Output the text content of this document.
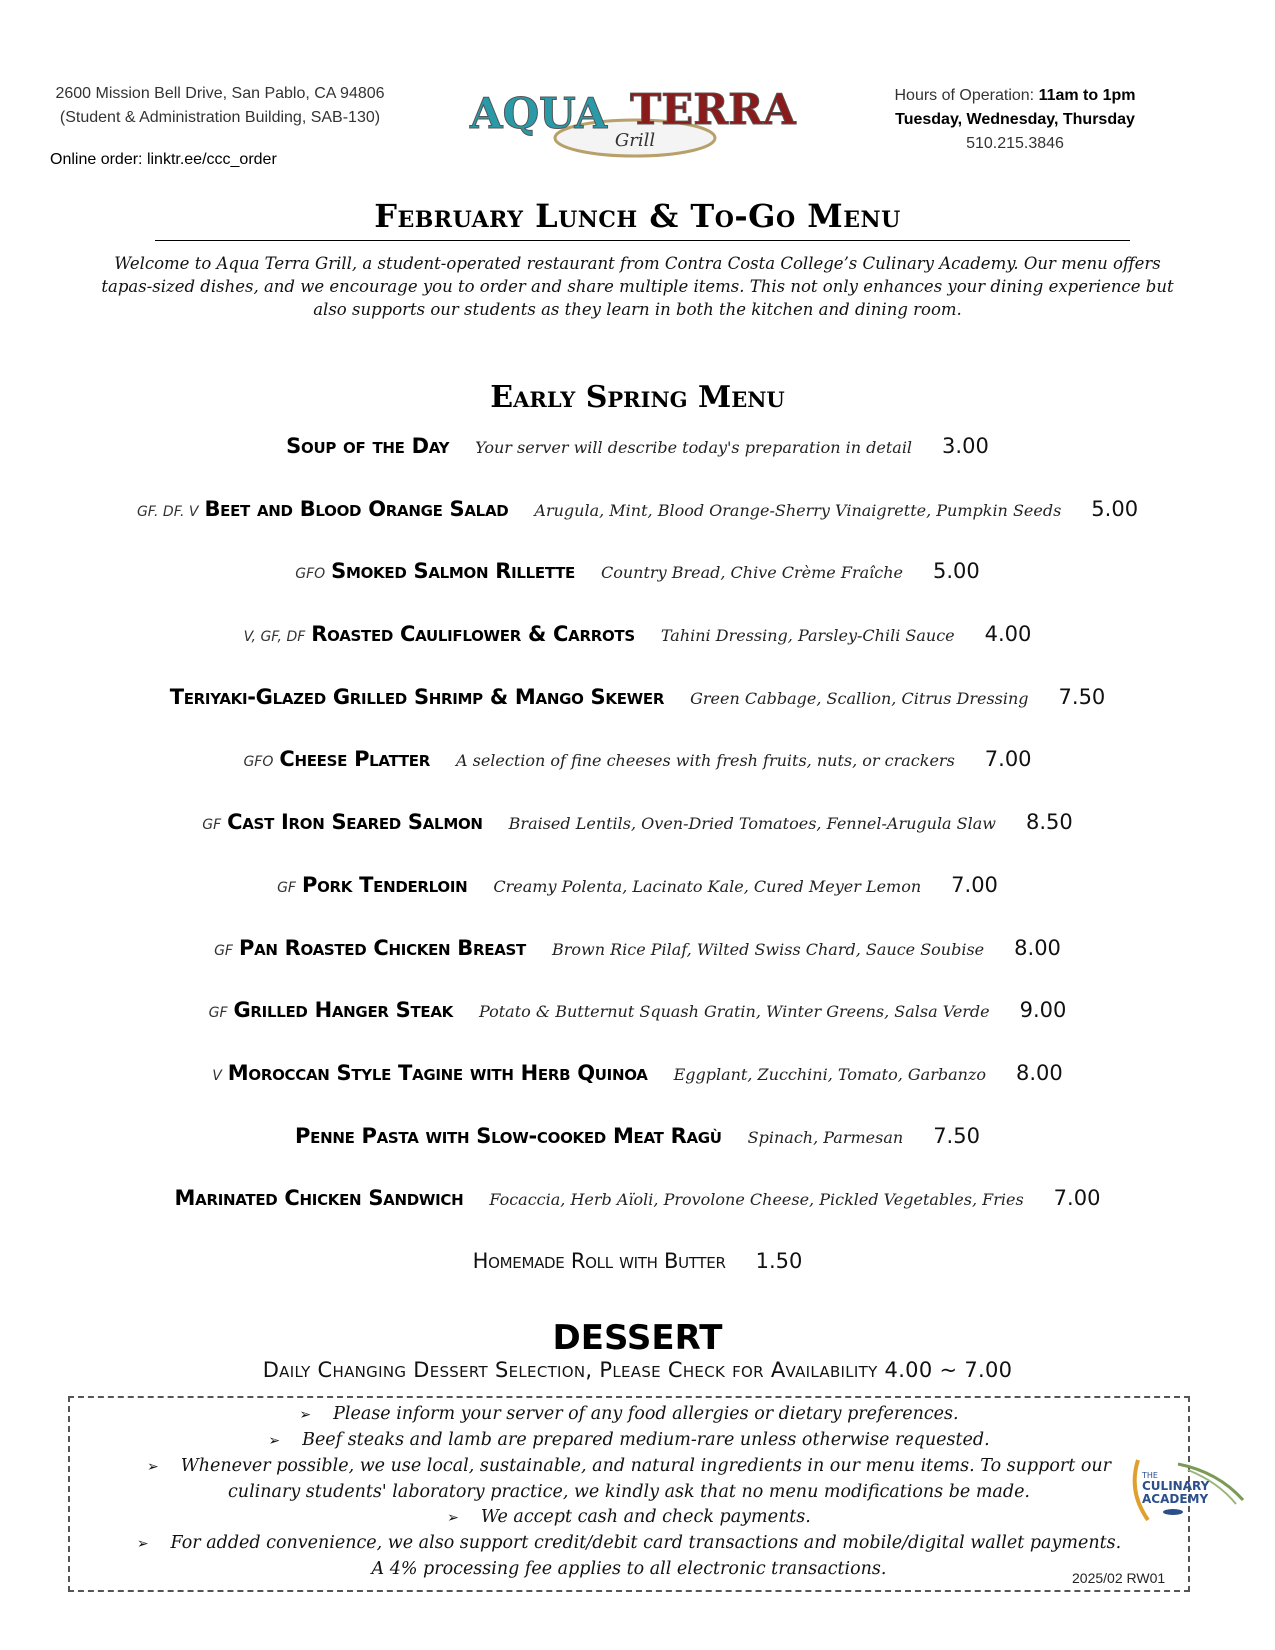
2600 Mission Bell Drive, San Pablo, CA 94806
(Student & Administration Building, SAB-130)
Online order: linktr.ee/ccc_order
AQUA TERRA
Grill
Hours of Operation: 11am to 1pm
Tuesday, Wednesday, Thursday
510.215.3846
February Lunch & To-Go Menu
Welcome to Aqua Terra Grill, a student-operated restaurant from Contra Costa College’s Culinary Academy. Our menu offers tapas-sized dishes, and we encourage you to order and share multiple items. This not only enhances your dining experience but also supports our students as they learn in both the kitchen and dining room.
Early Spring Menu
Soup of the Day Your server will describe today's preparation in detail 3.00
GF. DF. V Beet and Blood Orange Salad Arugula, Mint, Blood Orange-Sherry Vinaigrette, Pumpkin Seeds 5.00
GFO Smoked Salmon Rillette Country Bread, Chive Crème Fraîche 5.00
V, GF, DF Roasted Cauliflower & Carrots Tahini Dressing, Parsley-Chili Sauce 4.00
Teriyaki-Glazed Grilled Shrimp & Mango Skewer Green Cabbage, Scallion, Citrus Dressing 7.50
GFO Cheese Platter A selection of fine cheeses with fresh fruits, nuts, or crackers 7.00
GF Cast Iron Seared Salmon Braised Lentils, Oven-Dried Tomatoes, Fennel-Arugula Slaw 8.50
GF Pork Tenderloin Creamy Polenta, Lacinato Kale, Cured Meyer Lemon 7.00
GF Pan Roasted Chicken Breast Brown Rice Pilaf, Wilted Swiss Chard, Sauce Soubise 8.00
GF Grilled Hanger Steak Potato & Butternut Squash Gratin, Winter Greens, Salsa Verde 9.00
V Moroccan Style Tagine with Herb Quinoa Eggplant, Zucchini, Tomato, Garbanzo 8.00
Penne Pasta with Slow-cooked Meat Ragù Spinach, Parmesan 7.50
Marinated Chicken Sandwich Focaccia, Herb Aïoli, Provolone Cheese, Pickled Vegetables, Fries 7.00
Homemade Roll with Butter 1.50
DESSERT
Daily Changing Dessert Selection, Please Check for Availability 4.00 ~ 7.00
➢ Please inform your server of any food allergies or dietary preferences.
➢ Beef steaks and lamb are prepared medium-rare unless otherwise requested.
➢ Whenever possible, we use local, sustainable, and natural ingredients in our menu items. To support our
culinary students' laboratory practice, we kindly ask that no menu modifications be made.
➢ We accept cash and check payments.
➢ For added convenience, we also support credit/debit card transactions and mobile/digital wallet payments.
A 4% processing fee applies to all electronic transactions.
THE
CULINARY
ACADEMY
2025/02 RW01
